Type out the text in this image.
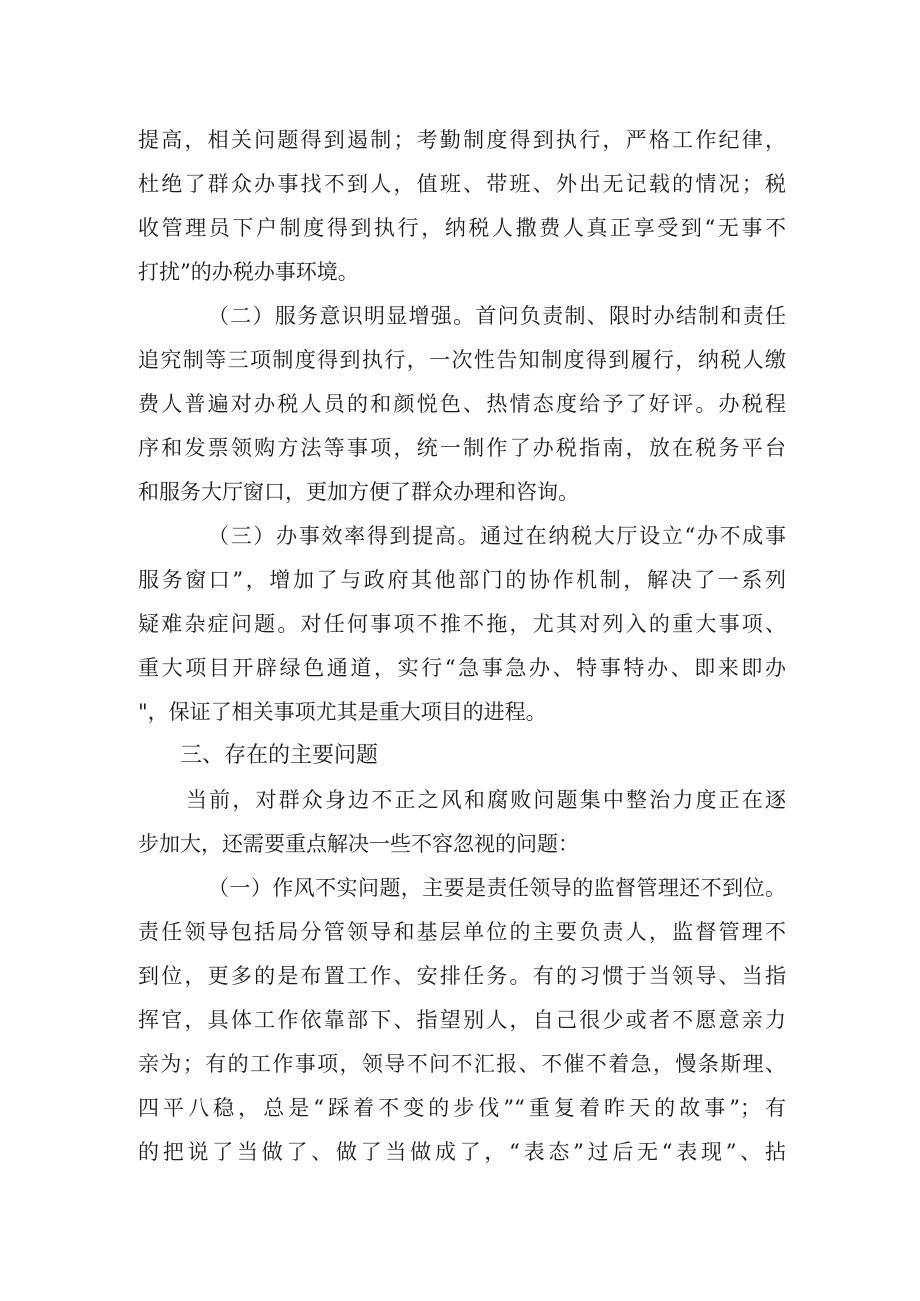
提高，相关问题得到遏制；考勤制度得到执行，严格工作纪律，
杜绝了群众办事找不到人，值班、带班、外出无记载的情况；税
收管理员下户制度得到执行，纳税人撒费人真正享受到“无事不
打扰”的办税办事环境。
（二）服务意识明显增强。首问负责制、限时办结制和责任
追究制等三项制度得到执行，一次性告知制度得到履行，纳税人缴
费人普遍对办税人员的和颜悦色、热情态度给予了好评。办税程
序和发票领购方法等事项，统一制作了办税指南，放在税务平台
和服务大厅窗口，更加方便了群众办理和咨询。
（三）办事效率得到提高。通过在纳税大厅设立“办不成事
服务窗口”，增加了与政府其他部门的协作机制，解决了一系列
疑难杂症问题。对任何事项不推不拖，尤其对列入的重大事项、
重大项目开辟绿色通道，实行“急事急办、特事特办、即来即办
"，保证了相关事项尤其是重大项目的进程。
三、存在的主要问题
当前，对群众身边不正之风和腐败问题集中整治力度正在逐
步加大，还需要重点解决一些不容忽视的问题：
（一）作风不实问题，主要是责任领导的监督管理还不到位。
责任领导包括局分管领导和基层单位的主要负责人，监督管理不
到位，更多的是布置工作、安排任务。有的习惯于当领导、当指
挥官，具体工作依靠部下、指望别人，自己很少或者不愿意亲力
亲为；有的工作事项，领导不问不汇报、不催不着急，慢条斯理、
四平八稳，总是“踩着不变的步伐”“重复着昨天的故事”；有
的把说了当做了、做了当做成了，“表态”过后无“表现”、拈
